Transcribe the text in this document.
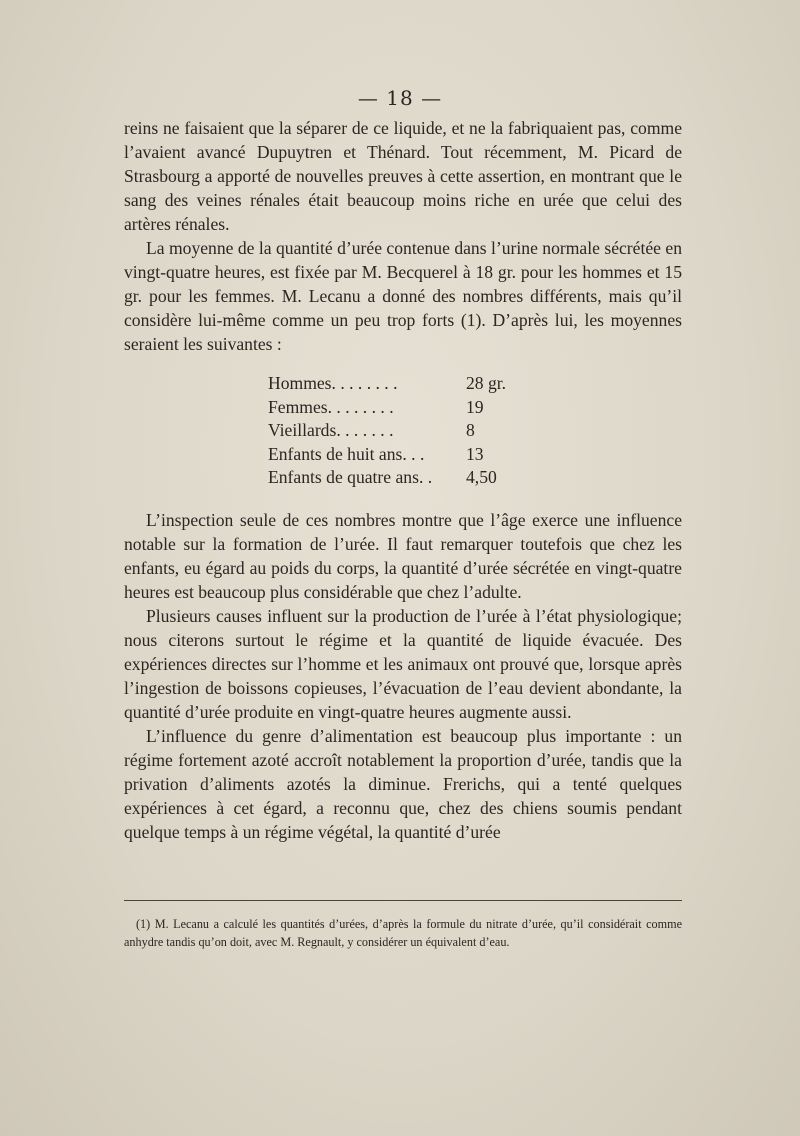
— 18 —

reins ne faisaient que la séparer de ce liquide, et ne la fabriquaient pas, comme l’avaient avancé Dupuytren et Thénard. Tout récemment, M. Picard de Strasbourg a apporté de nouvelles preuves à cette assertion, en montrant que le sang des veines rénales était beaucoup moins riche en urée que celui des artères rénales.

La moyenne de la quantité d’urée contenue dans l’urine normale sécrétée en vingt-quatre heures, est fixée par M. Becquerel à 18 gr. pour les hommes et 15 gr. pour les femmes. M. Lecanu a donné des nombres différents, mais qu’il considère lui-même comme un peu trop forts (1). D’après lui, les moyennes seraient les suivantes :

Hommes. . . . . . . .	28 gr.
Femmes. . . . . . . .	19
Vieillards. . . . . . .	8
Enfants de huit ans. . .	13
Enfants de quatre ans. .	4,50

L’inspection seule de ces nombres montre que l’âge exerce une influence notable sur la formation de l’urée. Il faut remarquer toutefois que chez les enfants, eu égard au poids du corps, la quantité d’urée sécrétée en vingt-quatre heures est beaucoup plus considérable que chez l’adulte.

Plusieurs causes influent sur la production de l’urée à l’état physiologique; nous citerons surtout le régime et la quantité de liquide évacuée. Des expériences directes sur l’homme et les animaux ont prouvé que, lorsque après l’ingestion de boissons copieuses, l’évacuation de l’eau devient abondante, la quantité d’urée produite en vingt-quatre heures augmente aussi.

L’influence du genre d’alimentation est beaucoup plus importante : un régime fortement azoté accroît notablement la proportion d’urée, tandis que la privation d’aliments azotés la diminue. Frerichs, qui a tenté quelques expériences à cet égard, a reconnu que, chez des chiens soumis pendant quelque temps à un régime végétal, la quantité d’urée

(1) M. Lecanu a calculé les quantités d’urées, d’après la formule du nitrate d’urée, qu’il considérait comme anhydre tandis qu’on doit, avec M. Regnault, y considérer un équivalent d’eau.
